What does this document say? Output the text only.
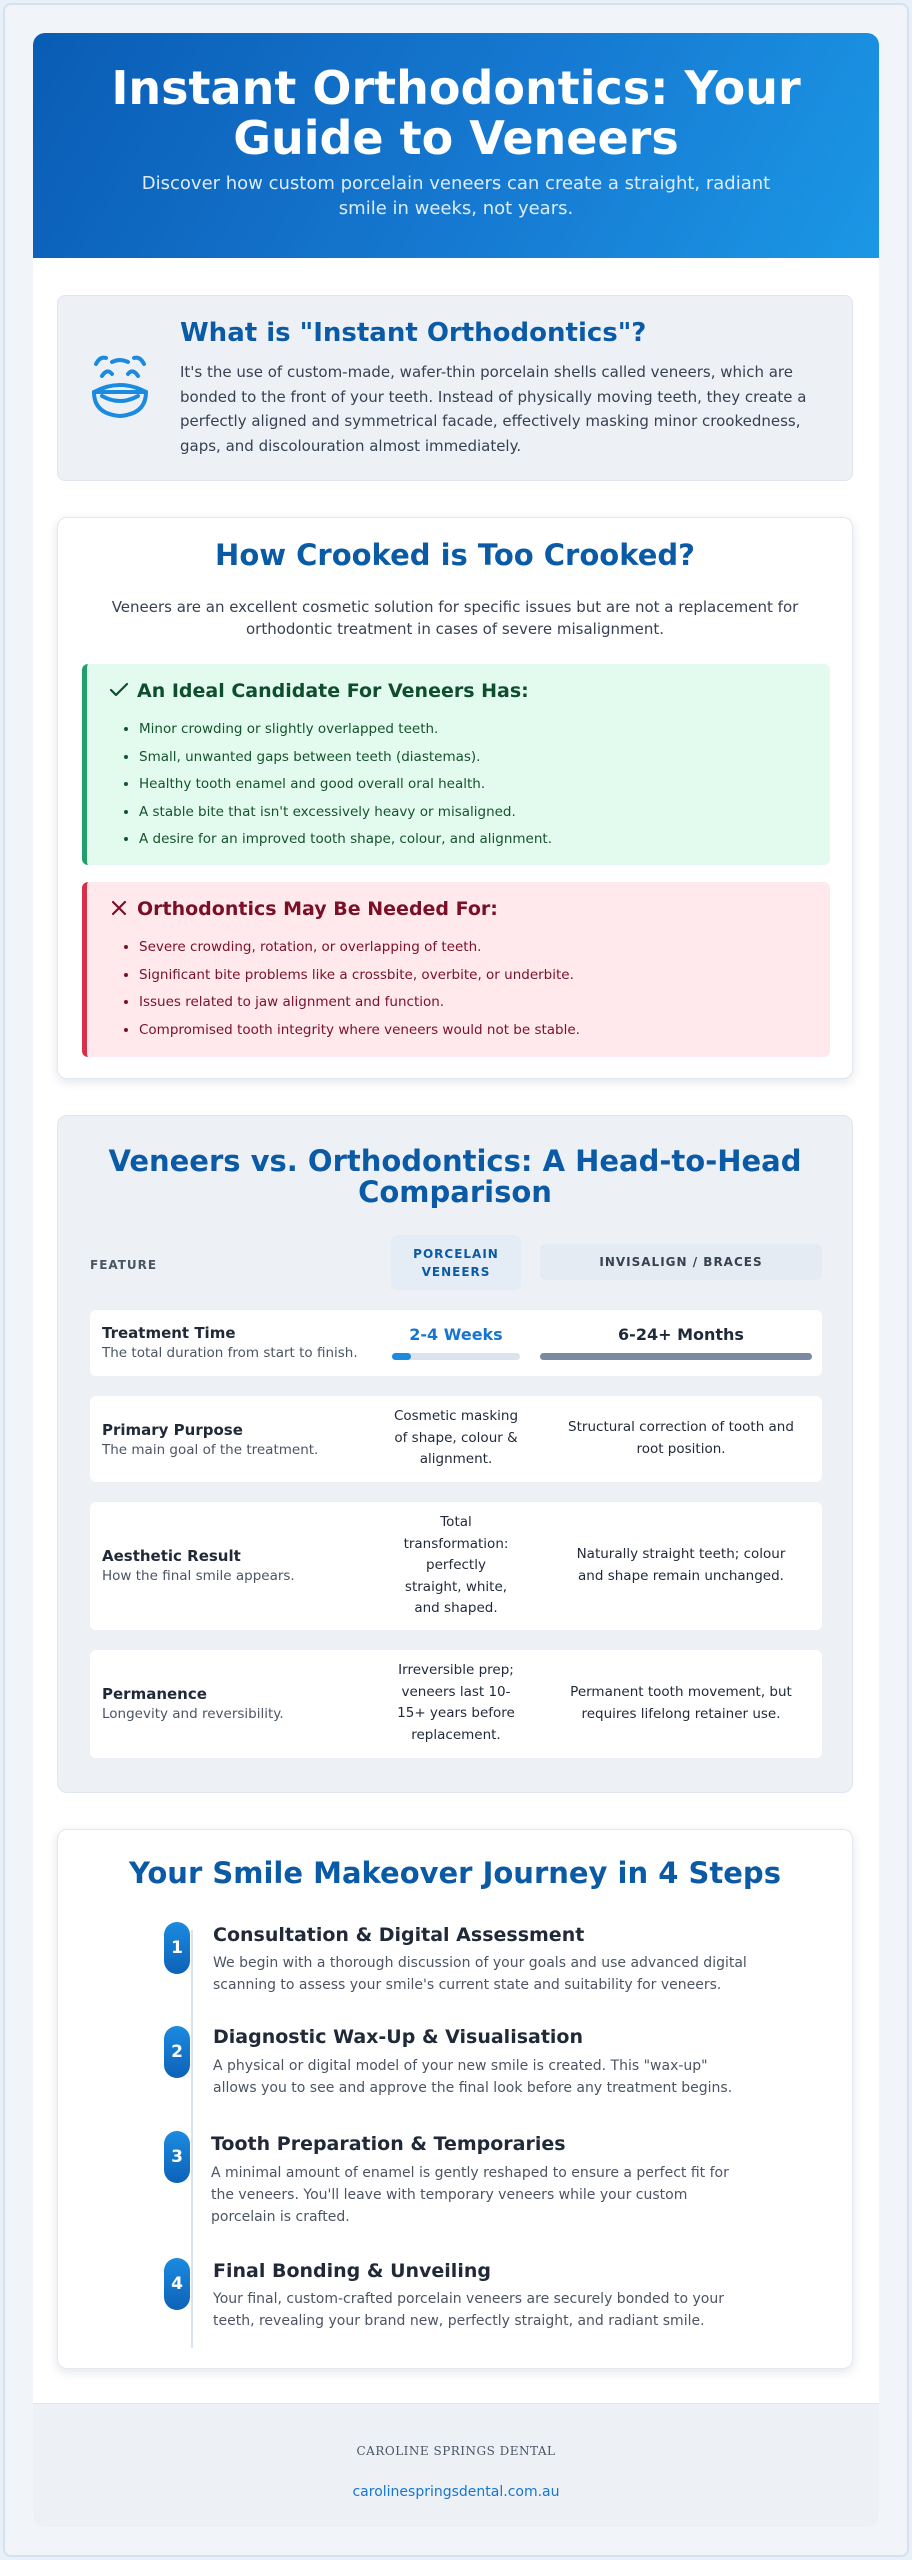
Instant Orthodontics: Your Guide to Veneers

Discover how custom porcelain veneers can create a straight, radiant smile in weeks, not years.

What is "Instant Orthodontics"?

It's the use of custom-made, wafer-thin porcelain shells called veneers, which are bonded to the front of your teeth. Instead of physically moving teeth, they create a perfectly aligned and symmetrical facade, effectively masking minor crookedness, gaps, and discolouration almost immediately.

How Crooked is Too Crooked?

Veneers are an excellent cosmetic solution for specific issues but are not a replacement for orthodontic treatment in cases of severe misalignment.

An Ideal Candidate For Veneers Has:
• Minor crowding or slightly overlapped teeth.
• Small, unwanted gaps between teeth (diastemas).
• Healthy tooth enamel and good overall oral health.
• A stable bite that isn't excessively heavy or misaligned.
• A desire for an improved tooth shape, colour, and alignment.
Orthodontics May Be Needed For:
• Severe crowding, rotation, or overlapping of teeth.
• Significant bite problems like a crossbite, overbite, or underbite.
• Issues related to jaw alignment and function.
• Compromised tooth integrity where veneers would not be stable.
Veneers vs. Orthodontics: A Head-to-Head Comparison
FEATURE
PORCELAIN VENEERS
INVISALIGN / BRACES
Treatment Time
The total duration from start to finish.
2-4 Weeks	6-24+ Months
Primary Purpose
The main goal of the treatment.
Cosmetic masking of shape, colour & alignment.
Structural correction of tooth and root position.
Aesthetic Result
How the final smile appears.
Total transformation: perfectly straight, white, and shaped.
Naturally straight teeth; colour and shape remain unchanged.
Permanence
Longevity and reversibility.
Irreversible prep; veneers last 10-15+ years before replacement.
Permanent tooth movement, but requires lifelong retainer use.
Your Smile Makeover Journey in 4 Steps
1
Consultation & Digital Assessment
We begin with a thorough discussion of your goals and use advanced digital scanning to assess your smile's current state and suitability for veneers.
2
Diagnostic Wax-Up & Visualisation
A physical or digital model of your new smile is created. This "wax-up" allows you to see and approve the final look before any treatment begins.
3
Tooth Preparation & Temporaries
A minimal amount of enamel is gently reshaped to ensure a perfect fit for the veneers. You'll leave with temporary veneers while your custom porcelain is crafted.
4
Final Bonding & Unveiling
Your final, custom-crafted porcelain veneers are securely bonded to your teeth, revealing your brand new, perfectly straight, and radiant smile.
CAROLINE SPRINGS DENTAL
carolinespringsdental.com.au
